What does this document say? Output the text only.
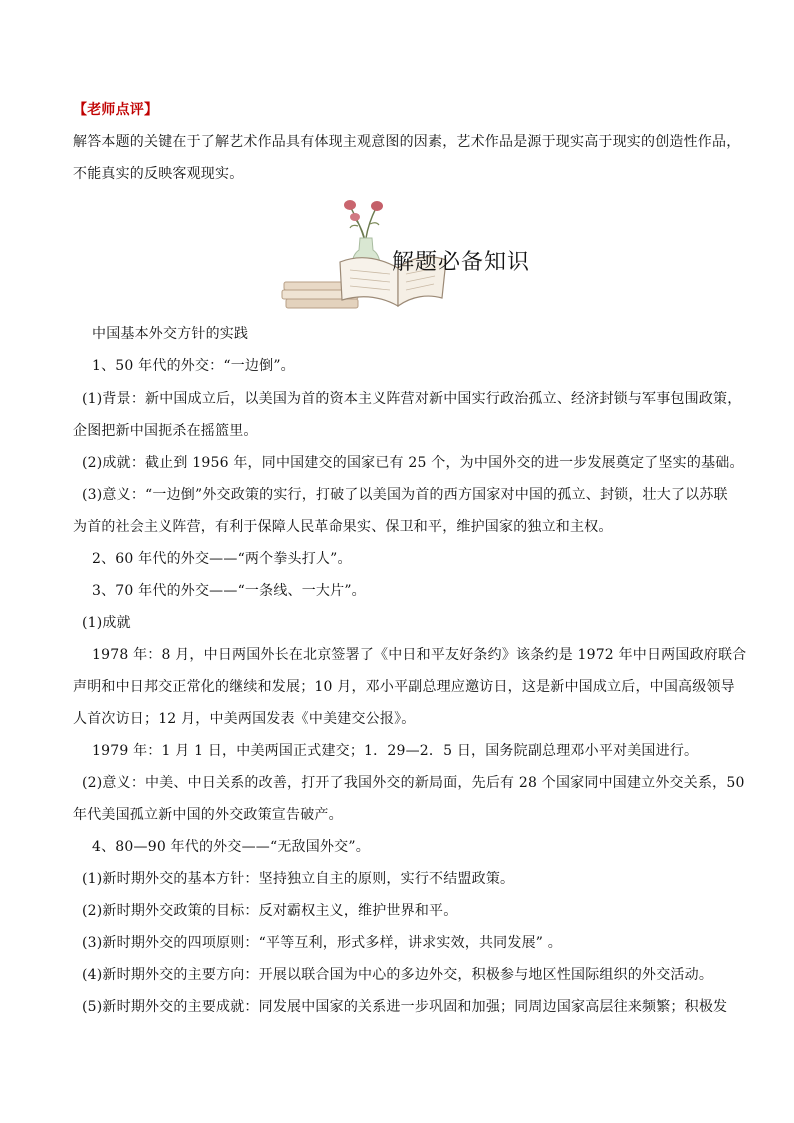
【老师点评】
解答本题的关键在于了解艺术作品具有体现主观意图的因素，艺术作品是源于现实高于现实的创造性作品，
不能真实的反映客观现实。
解题必备知识
中国基本外交方针的实践
1、50 年代的外交：“一边倒”。
(1)背景：新中国成立后，以美国为首的资本主义阵营对新中国实行政治孤立、经济封锁与军事包围政策，
企图把新中国扼杀在摇篮里。
(2)成就：截止到 1956 年，同中国建交的国家已有 25 个，为中国外交的进一步发展奠定了坚实的基础。
(3)意义：“一边倒”外交政策的实行，打破了以美国为首的西方国家对中国的孤立、封锁，壮大了以苏联
为首的社会主义阵营，有利于保障人民革命果实、保卫和平，维护国家的独立和主权。
2、60 年代的外交——“两个拳头打人”。
3、70 年代的外交——“一条线、一大片”。
(1)成就
1978 年：8 月，中日两国外长在北京签署了《中日和平友好条约》该条约是 1972 年中日两国政府联合
声明和中日邦交正常化的继续和发展；10 月，邓小平副总理应邀访日，这是新中国成立后，中国高级领导
人首次访日；12 月，中美两国发表《中美建交公报》。
1979 年：1 月 1 日，中美两国正式建交；1．29—2．5 日，国务院副总理邓小平对美国进行。
(2)意义：中美、中日关系的改善，打开了我国外交的新局面，先后有 28 个国家同中国建立外交关系，50
年代美国孤立新中国的外交政策宣告破产。
4、80—90 年代的外交——“无敌国外交”。
(1)新时期外交的基本方针：坚持独立自主的原则，实行不结盟政策。
(2)新时期外交政策的目标：反对霸权主义，维护世界和平。
(3)新时期外交的四项原则：“平等互利，形式多样，讲求实效，共同发展” 。
(4)新时期外交的主要方向：开展以联合国为中心的多边外交，积极参与地区性国际组织的外交活动。
(5)新时期外交的主要成就：同发展中国家的关系进一步巩固和加强；同周边国家高层往来频繁；积极发
